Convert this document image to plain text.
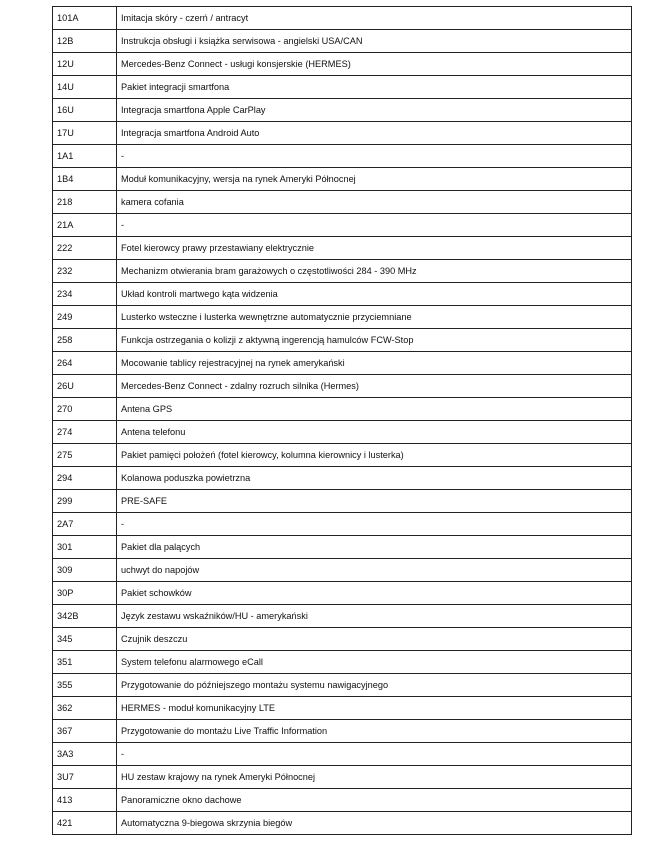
101A	Imitacja skóry - czerń / antracyt
12B	Instrukcja obsługi i książka serwisowa - angielski USA/CAN
12U	Mercedes-Benz Connect - usługi konsjerskie (HERMES)
14U	Pakiet integracji smartfona
16U	Integracja smartfona Apple CarPlay
17U	Integracja smartfona Android Auto
1A1	-
1B4	Moduł komunikacyjny, wersja na rynek Ameryki Północnej
218	kamera cofania
21A	-
222	Fotel kierowcy prawy przestawiany elektrycznie
232	Mechanizm otwierania bram garażowych o częstotliwości 284 - 390 MHz
234	Układ kontroli martwego kąta widzenia
249	Lusterko wsteczne i lusterka wewnętrzne automatycznie przyciemniane
258	Funkcja ostrzegania o kolizji z aktywną ingerencją hamulców FCW-Stop
264	Mocowanie tablicy rejestracyjnej na rynek amerykański
26U	Mercedes-Benz Connect - zdalny rozruch silnika (Hermes)
270	Antena GPS
274	Antena telefonu
275	Pakiet pamięci położeń (fotel kierowcy, kolumna kierownicy i lusterka)
294	Kolanowa poduszka powietrzna
299	PRE-SAFE
2A7	-
301	Pakiet dla palących
309	uchwyt do napojów
30P	Pakiet schowków
342B	Język zestawu wskaźników/HU - amerykański
345	Czujnik deszczu
351	System telefonu alarmowego eCall
355	Przygotowanie do późniejszego montażu systemu nawigacyjnego
362	HERMES - moduł komunikacyjny LTE
367	Przygotowanie do montażu Live Traffic Information
3A3	-
3U7	HU zestaw krajowy na rynek Ameryki Północnej
413	Panoramiczne okno dachowe
421	Automatyczna 9-biegowa skrzynia biegów
